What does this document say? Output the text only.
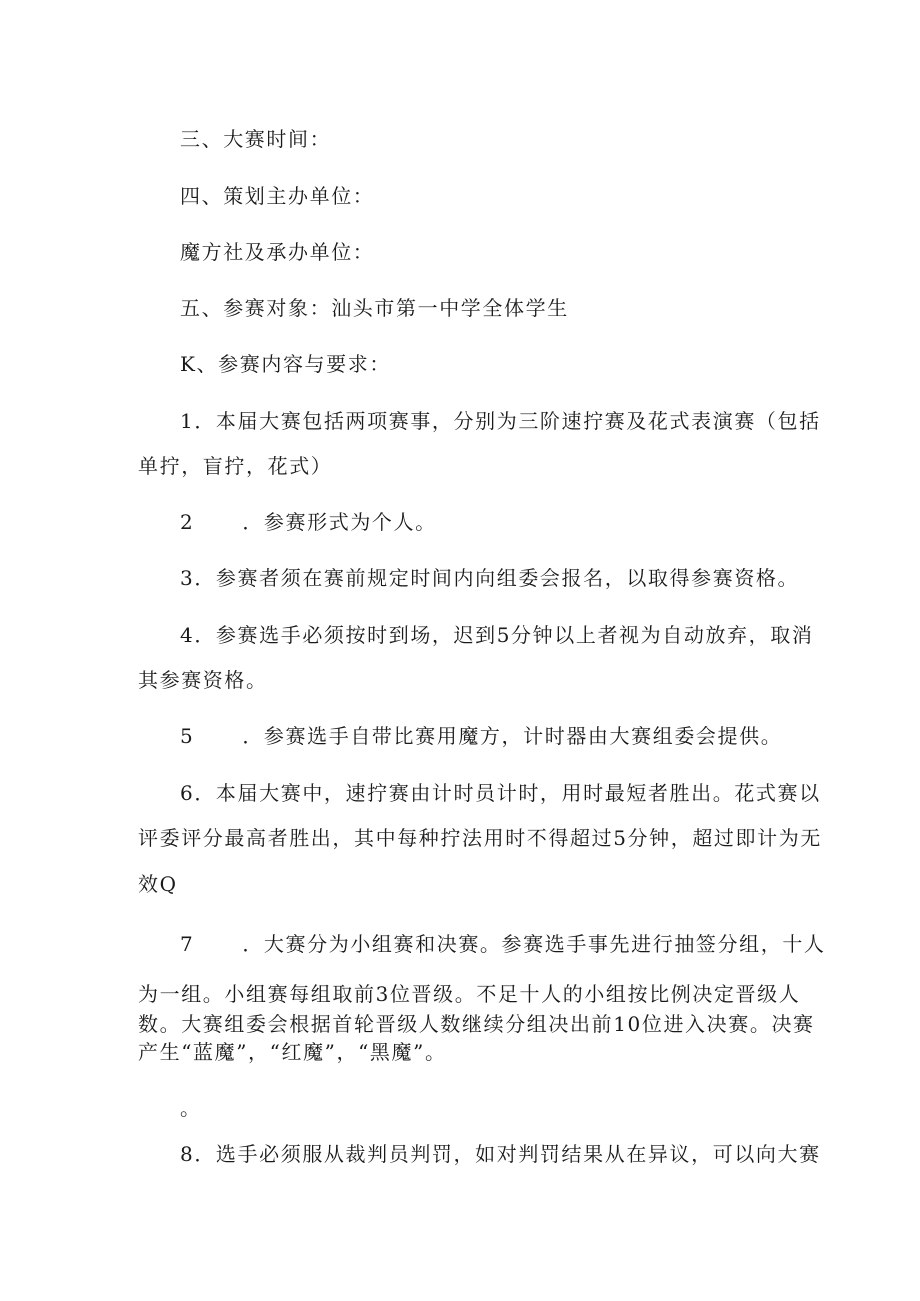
三、大赛时间：
四、策划主办单位：
魔方社及承办单位：
五、参赛对象：汕头市第一中学全体学生
K、参赛内容与要求：
1．本届大赛包括两项赛事，分别为三阶速拧赛及花式表演赛（包括
单拧，盲拧，花式）
2 ．参赛形式为个人。
3．参赛者须在赛前规定时间内向组委会报名，以取得参赛资格。
4．参赛选手必须按时到场，迟到5分钟以上者视为自动放弃，取消
其参赛资格。
5 ．参赛选手自带比赛用魔方，计时器由大赛组委会提供。
6．本届大赛中，速拧赛由计时员计时，用时最短者胜出。花式赛以
评委评分最高者胜出，其中每种拧法用时不得超过5分钟，超过即计为无
效Q
7 ．大赛分为小组赛和决赛。参赛选手事先进行抽签分组，十人
为一组。小组赛每组取前3位晋级。不足十人的小组按比例决定晋级人
数。大赛组委会根据首轮晋级人数继续分组决出前10位进入决赛。决赛
产生“蓝魔”，“红魔”，“黑魔”。
。
8．选手必须服从裁判员判罚，如对判罚结果从在异议，可以向大赛
